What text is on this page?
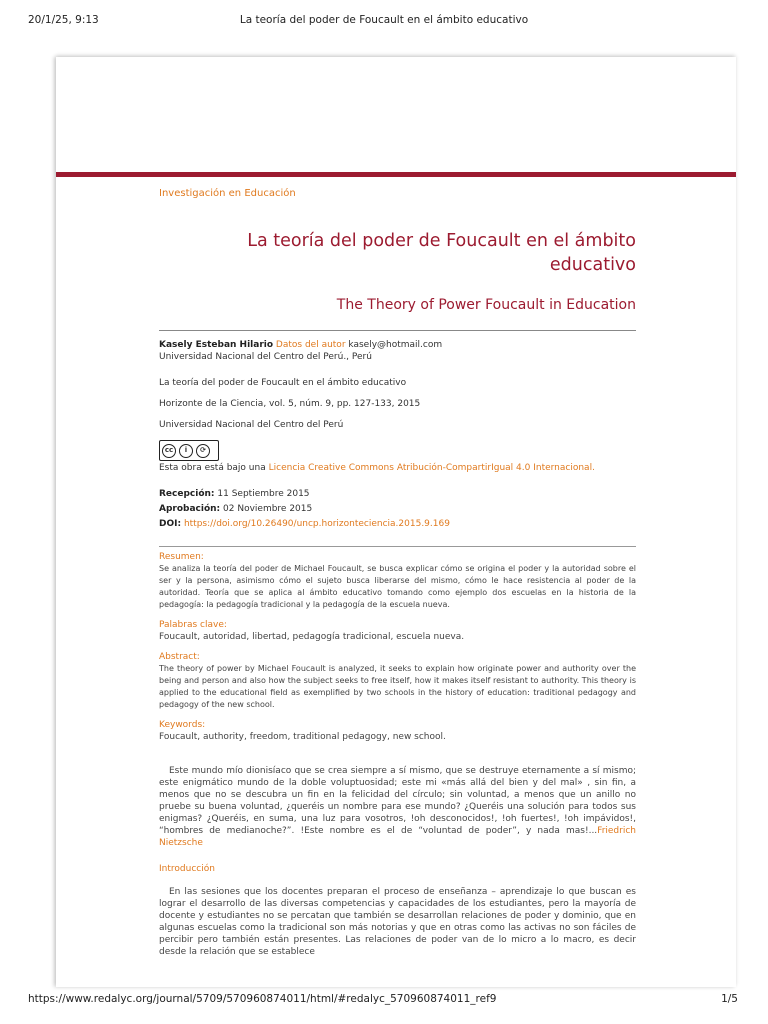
20/1/25, 9:13	La teoría del poder de Foucault en el ámbito educativo

Investigación en Educación

La teoría del poder de Foucault en el ámbito educativo
The Theory of Power Foucault in Education
Kasely Esteban Hilario Datos del autor kasely@hotmail.com
Universidad Nacional del Centro del Perú., Perú

La teoría del poder de Foucault en el ámbito educativo

Horizonte de la Ciencia, vol. 5, núm. 9, pp. 127-133, 2015

Universidad Nacional del Centro del Perú

cc	i	⟳
Esta obra está bajo una Licencia Creative Commons Atribución-CompartirIgual 4.0 Internacional.
Recepción: 11 Septiembre 2015
Aprobación: 02 Noviembre 2015
DOI: https://doi.org/10.26490/uncp.horizonteciencia.2015.9.169

Resumen:

Se analiza la teoría del poder de Michael Foucault, se busca explicar cómo se origina el poder y la autoridad sobre el ser y la persona, asimismo cómo el sujeto busca liberarse del mismo, cómo le hace resistencia al poder de la autoridad. Teoría que se aplica al ámbito educativo tomando como ejemplo dos escuelas en la historia de la pedagogía: la pedagogía tradicional y la pedagogía de la escuela nueva.

Palabras clave:

Foucault, autoridad, libertad, pedagogía tradicional, escuela nueva.

Abstract:

The theory of power by Michael Foucault is analyzed, it seeks to explain how originate power and authority over the being and person and also how the subject seeks to free itself, how it makes itself resistant to authority. This theory is applied to the educational field as exemplified by two schools in the history of education: traditional pedagogy and pedagogy of the new school.

Keywords:

Foucault, authority, freedom, traditional pedagogy, new school.

Este mundo mío dionisíaco que se crea siempre a sí mismo, que se destruye eternamente a sí mismo; este enigmático mundo de la doble voluptuosidad; este mi «más allá del bien y del mal» , sin fin, a menos que no se descubra un fin en la felicidad del círculo; sin voluntad, a menos que un anillo no pruebe su buena voluntad, ¿queréis un nombre para ese mundo? ¿Queréis una solución para todos sus enigmas? ¿Queréis, en suma, una luz para vosotros, !oh desconocidos!, !oh fuertes!, !oh impávidos!, “hombres de medianoche?”. !Este nombre es el de “voluntad de poder”, y nada mas!...Friedrich Nietzsche
Introducción
En las sesiones que los docentes preparan el proceso de enseñanza – aprendizaje lo que buscan es lograr el desarrollo de las diversas competencias y capacidades de los estudiantes, pero la mayoría de docente y estudiantes no se percatan que también se desarrollan relaciones de poder y dominio, que en algunas escuelas como la tradicional son más notorias y que en otras como las activas no son fáciles de percibir pero también están presentes. Las relaciones de poder van de lo micro a lo macro, es decir desde la relación que se establece
https://www.redalyc.org/journal/5709/570960874011/html/#redalyc_570960874011_ref9	1/5
